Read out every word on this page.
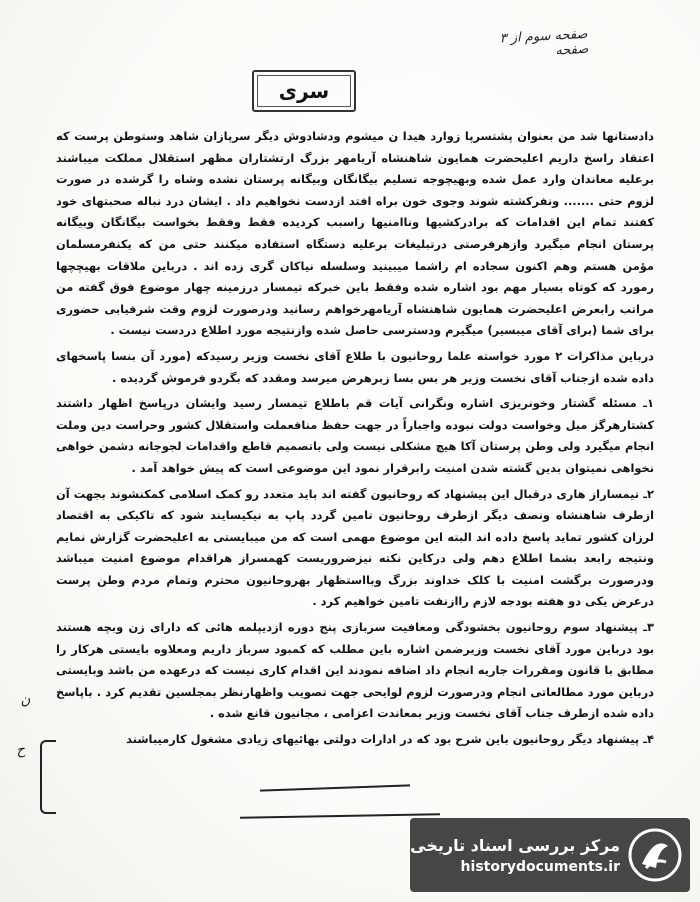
صفحه سوم از ۳ صفحه
سری

دادستانها شد من بعنوان پشتسرپا زوارد هیدا ن میشوم ودشادوش دیگر سرپازان شاهد وستوطن پرست که اعتقاد راسخ داریم اعلیحضرت همایون شاهنشاه آریامهر بزرگ ارتشتاران مظهر استقلال مملکت میباشند برعلیه معاندان وارد عمل شده وبهیچوجه تسلیم بیگانگان وبیگانه پرستان نشده وشاه را گرشده در صورت لزوم حتی ....... ونفرکشته شوند وجوی خون براه افتد ازدست نخواهیم داد . ایشان درد نباله صحبتهای خود کفتند تمام این اقدامات که برادرکشیها وناامنیها راسبب کردیده فقط وفقط بخواست بیگانگان وبیگانه پرستان انجام میگیرد وازهرفرصتی درتبلیغات برعلیه دستگاه استفاده میکنند حتی من که یکنفرمسلمان مؤمن هستم وهم اکنون سجاده ام راشما میبینید وسلسله نیاکان گری زده اند . درباین ملاقات بهیچچها رمورد که کوتاه بسیار مهم بود اشاره شده وفقط باین خبرکه تیمسار درزمینه چهار موضوع فوق گفته من مراتب رابعرض اعلیحضرت همایون شاهنشاه آریامهرخواهم رسانید ودرصورت لزوم وقت شرفیابی حضوری برای شما (برای آقای میبسیر) میگیرم ودسترسی حاصل شده وازنتیجه مورد اطلاع دردست نیست .

درباین مذاکرات ۲ مورد خواسته علما روحانیون با طلاع آقای نخست وزیر رسیدکه (مورد آن بنسا پاسخهای داده شده ازجناب آقای نخست وزیر هر بس بسا زبرهرض میرسد ومقدد که بگردو فرموش گردیده .

۱ـ مسئله گشتار وخونریزی اشاره ونگرانی آیات قم باطلاع تیمسار رسید وایشان درپاسخ اظهار داشتند کشتارهرگز میل وخواست دولت نبوده واجباراً در جهت حفظ منافعملت واستقلال کشور وحراست دین وملت انجام میگیرد ولی وطن پرستان آکا هیچ مشکلی نیست ولی باتصمیم قاطع واقدامات لجوجانه دشمن خواهی نخواهی نمیتوان بدین گشته شدن امنیت رابرقرار نمود این موضوعی است که پیش خواهد آمد .

۲ـ تیمساراز هاری درقبال این پیشنهاد که روحانیون گفته اند باید متعدد رو کمک اسلامی کمکنشوند بجهت آن ازطرف شاهنشاه ونصف دیگر ازطرف روحانیون تامین گردد پاپ به نیکیسایند شود که تاکیکی به اقتصاد لرزان کشور تماید پاسخ داده اند البته این موضوع مهمی است که من میبایستی به اعلیحضرت گزارش نمایم ونتیجه رابعد بشما اطلاع دهم ولی درکاین نکته نیزضروریست کهمسراز هراقدام موضوع امنیت میباشد ودرصورت برگشت امنیت با کلک خداوند بزرگ وبااستظهار بهروحانیون محترم وتمام مردم وطن پرست درعرض یکی دو هفته بودجه لازم راازنفت تامین خواهیم کرد .

۳ـ پیشنهاد سوم روحانیون بخشودگی ومعافیت سربازی پنج دوره ازدیپلمه هائی که دارای زن وبچه هستند بود درباین مورد آقای نخست وزیرضمن اشاره باین مطلب که کمبود سرباز داریم ومعلاوه بایستی هرکار را مطابق با قانون ومقررات جاریه انجام داد اضافه نمودند این اقدام کاری نیست که درعهده من باشد وبایستی درباین مورد مطالعاتی انجام ودرصورت لزوم لوایحی جهت تصویب واظهارنظر بمجلسین تقدیم کرد . باپاسخ داده شده ازطرف جناب آقای نخست وزیر بمعاندت اعزامی ، مجانیون قانع شده .

۴ـ پیشنهاد دیگر روحانیون باین شرح بود که در ادارات دولتی بهائیهای زیادی مشغول کارمیباشند

ن
ح
مرکز بررسی اسناد تاریخی
historydocuments.ir
